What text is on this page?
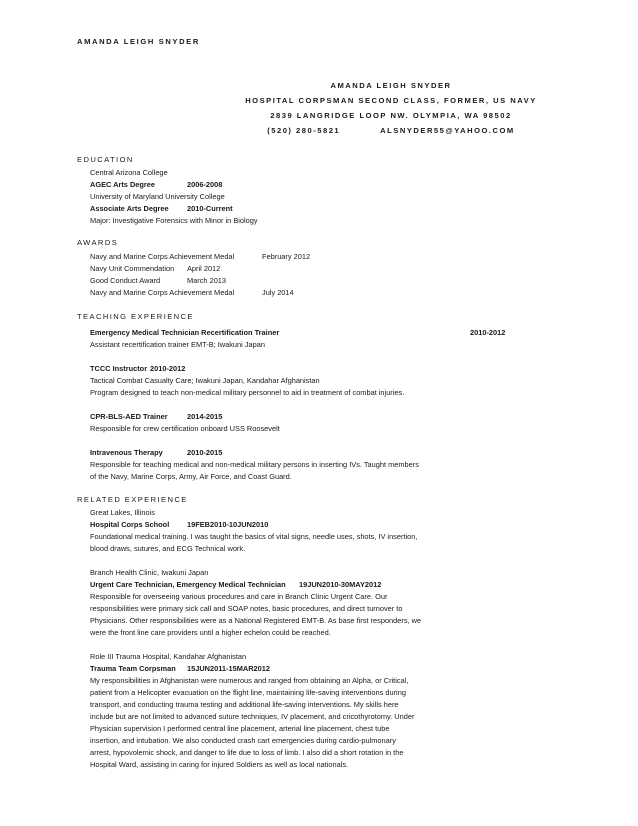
AMANDA LEIGH SNYDER
AMANDA LEIGH SNYDER
HOSPITAL CORPSMAN SECOND CLASS, FORMER, US NAVY
2839 LANGRIDGE LOOP NW. OLYMPIA, WA 98502
(520) 280-5821	ALSNYDER55@YAHOO.COM
EDUCATION
Central Arizona College
AGEC Arts Degree	2006-2008
University of Maryland University College
Associate Arts Degree 2010-Current
Major: Investigative Forensics with Minor in Biology
AWARDS
Navy and Marine Corps Achievement Medal	February 2012
Navy Unit Commendation April 2012
Good Conduct Award	March 2013
Navy and Marine Corps Achievement Medal	July 2014
TEACHING EXPERIENCE
Emergency Medical Technician Recertification Trainer	2010-2012
Assistant recertification trainer EMT-B; Iwakuni Japan
TCCC Instructor 2010-2012
Tactical Combat Casualty Care; Iwakuni Japan, Kandahar Afghanistan
Program designed to teach non-medical military personnel to aid in treatment of combat injuries.
CPR-BLS-AED Trainer	2014-2015
Responsible for crew certification onboard USS Roosevelt
Intravenous Therapy	2010-2015
Responsible for teaching medical and non-medical military persons in inserting IVs. Taught members
of the Navy, Marine Corps, Army, Air Force, and Coast Guard.
RELATED EXPERIENCE
Great Lakes, Illinois
Hospital Corps School 19FEB2010-10JUN2010
Foundational medical training. I was taught the basics of vital signs, needle uses, shots, IV insertion,
blood draws, sutures, and ECG Technical work.
Branch Health Clinic, Iwakuni Japan
Urgent Care Technician, Emergency Medical Technician 19JUN2010-30MAY2012
Responsible for overseeing various procedures and care in Branch Clinic Urgent Care. Our
responsibilities were primary sick call and SOAP notes, basic procedures, and direct turnover to
Physicians. Other responsibilities were as a National Registered EMT-B. As base first responders, we
were the front line care providers until a higher echelon could be reached.
Role III Trauma Hospital, Kandahar Afghanistan
Trauma Team Corpsman 15JUN2011-15MAR2012
My responsibilities in Afghanistan were numerous and ranged from obtaining an Alpha, or Critical,
patient from a Helicopter evacuation on the flight line, maintaining life-saving interventions during
transport, and conducting trauma testing and additional life-saving interventions. My skills here
include but are not limited to advanced suture techniques, IV placement, and cricothyrotomy. Under
Physician supervision I performed central line placement, arterial line placement, chest tube
insertion, and intubation. We also conducted crash cart emergencies during cardio-pulmonary
arrest, hypovolemic shock, and danger to life due to loss of limb. I also did a short rotation in the
Hospital Ward, assisting in caring for injured Soldiers as well as local nationals.
